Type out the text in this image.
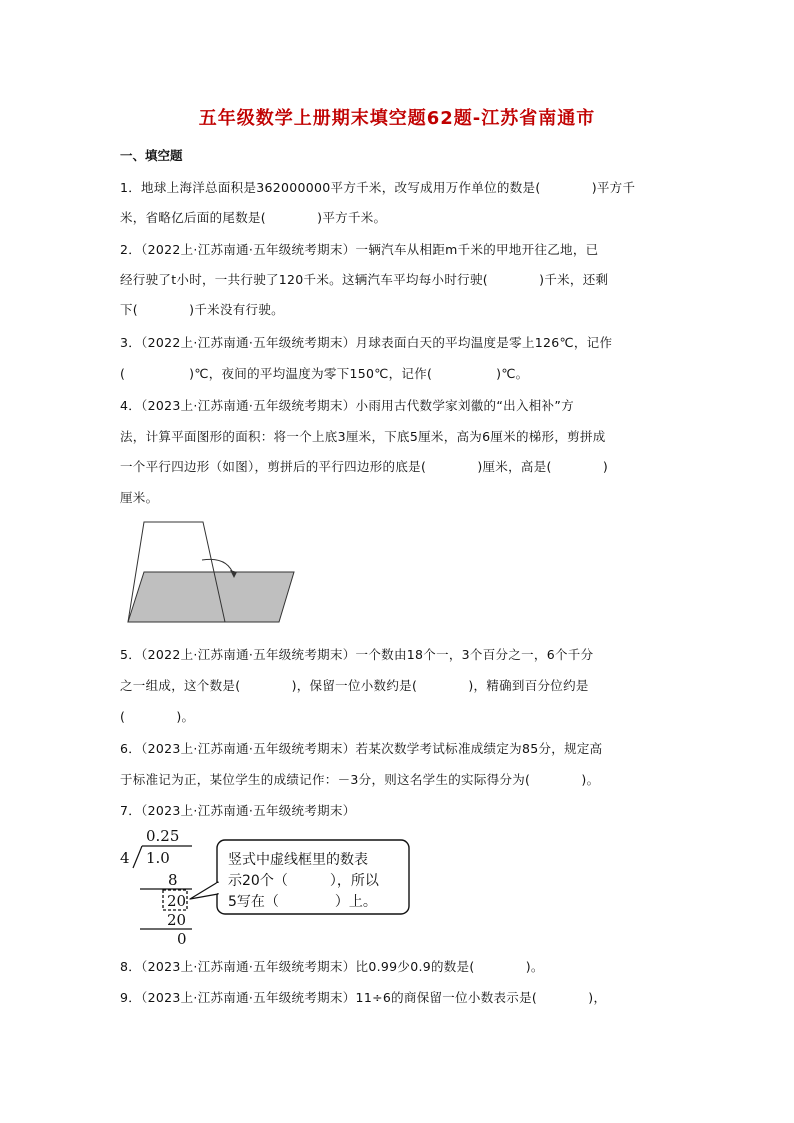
五年级数学上册期末填空题62题-江苏省南通市
一、填空题
1．地球上海洋总面积是362000000平方千米，改写成用万作单位的数是(　　　　)平方千
米，省略亿后面的尾数是(　　　　)平方千米。
2．（2022上·江苏南通·五年级统考期末）一辆汽车从相距m千米的甲地开往乙地，已
经行驶了t小时，一共行驶了120千米。这辆汽车平均每小时行驶(　　　　)千米，还剩
下(　　　　)千米没有行驶。
3．（2022上·江苏南通·五年级统考期末）月球表面白天的平均温度是零上126℃，记作
(　　　　　)℃，夜间的平均温度为零下150℃，记作(　　　　　)℃。
4．（2023上·江苏南通·五年级统考期末）小雨用古代数学家刘徽的“出入相补”方
法，计算平面图形的面积：将一个上底3厘米，下底5厘米，高为6厘米的梯形，剪拼成
一个平行四边形（如图），剪拼后的平行四边形的底是(　　　　)厘米，高是(　　　　)
厘米。
5．（2022上·江苏南通·五年级统考期末）一个数由18个一，3个百分之一，6个千分
之一组成，这个数是(　　　　)，保留一位小数约是(　　　　)，精确到百分位约是
(　　　　)。
6．（2023上·江苏南通·五年级统考期末）若某次数学考试标准成绩定为85分，规定高
于标准记为正，某位学生的成绩记作：－3分，则这名学生的实际得分为(　　　　)。
7．（2023上·江苏南通·五年级统考期末）
0.25
4 1.0
8
20
20
0
竖式中虚线框里的数表
示20个（　　　），所以
5写在（　　　　）上。
8．（2023上·江苏南通·五年级统考期末）比0.99少0.9的数是(　　　　)。
9．（2023上·江苏南通·五年级统考期末）11÷6的商保留一位小数表示是(　　　　)，
